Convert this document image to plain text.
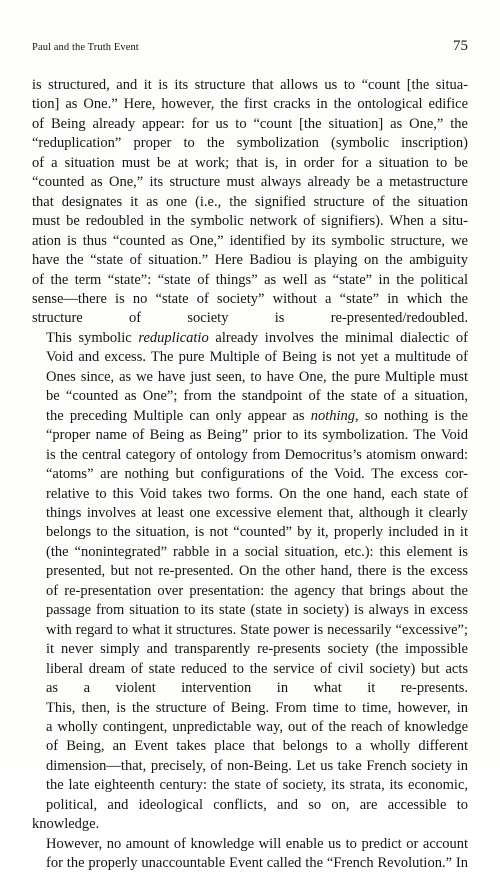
Paul and the Truth Event	75

is structured, and it is its structure that allows us to “count [the situa-
tion] as One.” Here, however, the first cracks in the ontological edifice
of Being already appear: for us to “count [the situation] as One,” the
“reduplication” proper to the symbolization (symbolic inscription)
of a situation must be at work; that is, in order for a situation to be
“counted as One,” its structure must always already be a metastructure
that designates it as one (i.e., the signified structure of the situation
must be redoubled in the symbolic network of signifiers). When a situ-
ation is thus “counted as One,” identified by its symbolic structure, we
have the “state of situation.” Here Badiou is playing on the ambiguity
of the term “state”: “state of things” as well as “state” in the political
sense—there is no “state of society” without a “state” in which the
structure of society is re-presented/redoubled.

This symbolic reduplicatio already involves the minimal dialectic of
Void and excess. The pure Multiple of Being is not yet a multitude of
Ones since, as we have just seen, to have One, the pure Multiple must
be “counted as One”; from the standpoint of the state of a situation,
the preceding Multiple can only appear as nothing, so nothing is the
“proper name of Being as Being” prior to its symbolization. The Void
is the central category of ontology from Democritus’s atomism onward:
“atoms” are nothing but configurations of the Void. The excess cor-
relative to this Void takes two forms. On the one hand, each state of
things involves at least one excessive element that, although it clearly
belongs to the situation, is not “counted” by it, properly included in it
(the “nonintegrated” rabble in a social situation, etc.): this element is
presented, but not re-presented. On the other hand, there is the excess
of re-presentation over presentation: the agency that brings about the
passage from situation to its state (state in society) is always in excess
with regard to what it structures. State power is necessarily “excessive”;
it never simply and transparently re-presents society (the impossible
liberal dream of state reduced to the service of civil society) but acts
as a violent intervention in what it re-presents.

This, then, is the structure of Being. From time to time, however, in
a wholly contingent, unpredictable way, out of the reach of knowledge
of Being, an Event takes place that belongs to a wholly different
dimension—that, precisely, of non-Being. Let us take French society in
the late eighteenth century: the state of society, its strata, its economic,
political, and ideological conflicts, and so on, are accessible to knowledge.
However, no amount of knowledge will enable us to predict or account
for the properly unaccountable Event called the “French Revolution.” In
